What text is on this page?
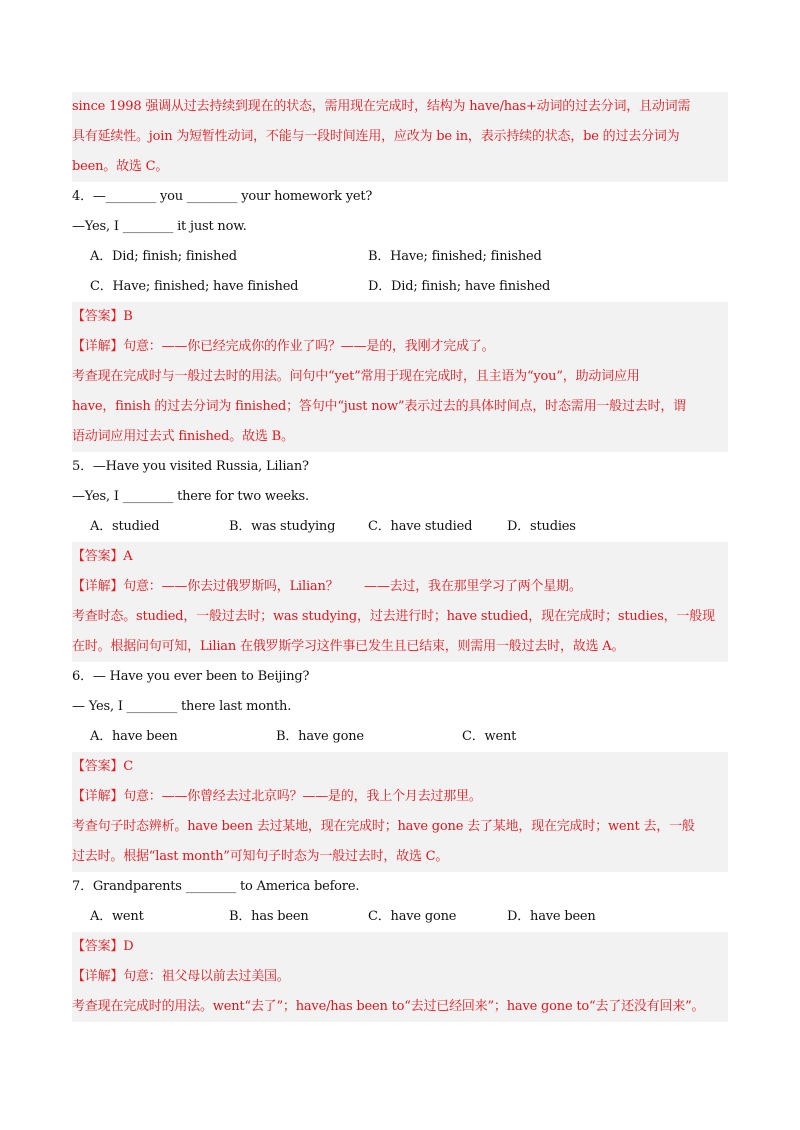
since 1998 强调从过去持续到现在的状态，需用现在完成时，结构为 have/has+动词的过去分词，且动词需
具有延续性。join 为短暂性动词，不能与一段时间连用，应改为 be in，表示持续的状态，be 的过去分词为
been。故选 C。
4．—________ you ________ your homework yet?
—Yes, I ________ it just now.
A．Did; finish; finished	B．Have; finished; finished
C．Have; finished; have finished	D．Did; finish; have finished
【答案】B
【详解】句意：——你已经完成你的作业了吗？——是的，我刚才完成了。
考查现在完成时与一般过去时的用法。问句中“yet”常用于现在完成时，且主语为“you”，助动词应用
have，finish 的过去分词为 finished；答句中“just now”表示过去的具体时间点，时态需用一般过去时，谓
语动词应用过去式 finished。故选 B。
5．—Have you visited Russia, Lilian?
—Yes, I ________ there for two weeks.
A．studied	B．was studying	C．have studied	D．studies
【答案】A
【详解】句意：——你去过俄罗斯吗，Lilian？　　——去过，我在那里学习了两个星期。
考查时态。studied，一般过去时；was studying，过去进行时；have studied，现在完成时；studies，一般现
在时。根据问句可知，Lilian 在俄罗斯学习这件事已发生且已结束，则需用一般过去时，故选 A。
6．— Have you ever been to Beijing?
— Yes, I ________ there last month.
A．have been	B．have gone	C．went
【答案】C
【详解】句意：——你曾经去过北京吗？——是的，我上个月去过那里。
考查句子时态辨析。have been 去过某地，现在完成时；have gone 去了某地，现在完成时；went 去，一般
过去时。根据“last month”可知句子时态为一般过去时，故选 C。
7．Grandparents ________ to America before.
A．went	B．has been	C．have gone	D．have been
【答案】D
【详解】句意：祖父母以前去过美国。
考查现在完成时的用法。went“去了”；have/has been to“去过已经回来”；have gone to“去了还没有回来”。
